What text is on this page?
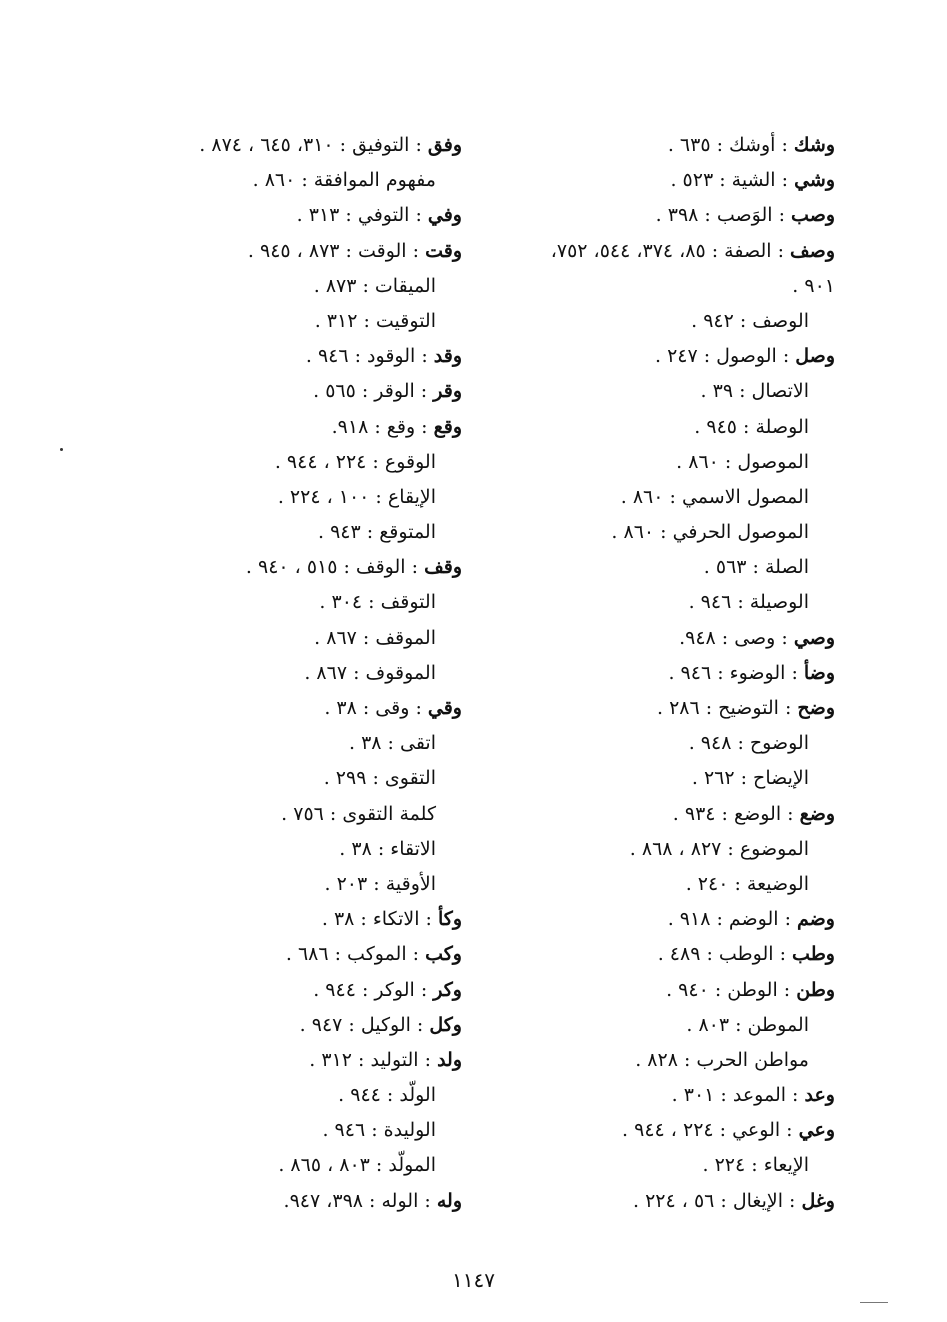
وشك : أوشك : ٦٣٥ .
وشي : الشية : ٥٢٣ .
وصب : الوَصب : ٣٩٨ .
وصف : الصفة : ٨٥، ٣٧٤، ٥٤٤، ٧٥٢،
٩٠١ .
الوصف : ٩٤٢ .
وصل : الوصول : ٢٤٧ .
الاتصال : ٣٩ .
الوصلة : ٩٤٥ .
الموصول : ٨٦٠ .
المصول الاسمي : ٨٦٠ .
الموصول الحرفي : ٨٦٠ .
الصلة : ٥٦٣ .
الوصيلة : ٩٤٦ .
وصي : وصى : ٩٤٨.
وضأ : الوضوء : ٩٤٦ .
وضح : التوضيح : ٢٨٦ .
الوضوح : ٩٤٨ .
الإيضاح : ٢٦٢ .
وضع : الوضع : ٩٣٤ .
الموضوع : ٨٢٧ ، ٨٦٨ .
الوضيعة : ٢٤٠ .
وضم : الوضم : ٩١٨ .
وطب : الوطب : ٤٨٩ .
وطن : الوطن : ٩٤٠ .
الموطن : ٨٠٣ .
مواطن الحرب : ٨٢٨ .
وعد : الموعد : ٣٠١ .
وعي : الوعي : ٢٢٤ ، ٩٤٤ .
الإيعاء : ٢٢٤ .
وغل : الإيغال : ٥٦ ، ٢٢٤ .
وفق : التوفيق : ٣١٠، ٦٤٥ ، ٨٧٤ .
مفهوم الموافقة : ٨٦٠ .
وفي : التوفي : ٣١٣ .
وقت : الوقت : ٨٧٣ ، ٩٤٥ .
الميقات : ٨٧٣ .
التوقيت : ٣١٢ .
وقد : الوقود : ٩٤٦ .
وقر : الوقر : ٥٦٥ .
وقع : وقع : ٩١٨.
الوقوع : ٢٢٤ ، ٩٤٤ .
الإيقاع : ١٠٠ ، ٢٢٤ .
المتوقع : ٩٤٣ .
وقف : الوقف : ٥١٥ ، ٩٤٠ .
التوقف : ٣٠٤ .
الموقف : ٨٦٧ .
الموقوف : ٨٦٧ .
وقي : وقى : ٣٨ .
اتقى : ٣٨ .
التقوى : ٢٩٩ .
كلمة التقوى : ٧٥٦ .
الاتقاء : ٣٨ .
الأوقية : ٢٠٣ .
وكأ : الاتكاء : ٣٨ .
وكب : الموكب : ٦٨٦ .
وكر : الوكر : ٩٤٤ .
وكل : الوكيل : ٩٤٧ .
ولد : التوليد : ٣١٢ .
الولّد : ٩٤٤ .
الوليدة : ٩٤٦ .
المولّد : ٨٠٣ ، ٨٦٥ .
وله : الوله : ٣٩٨، ٩٤٧.
١١٤٧
